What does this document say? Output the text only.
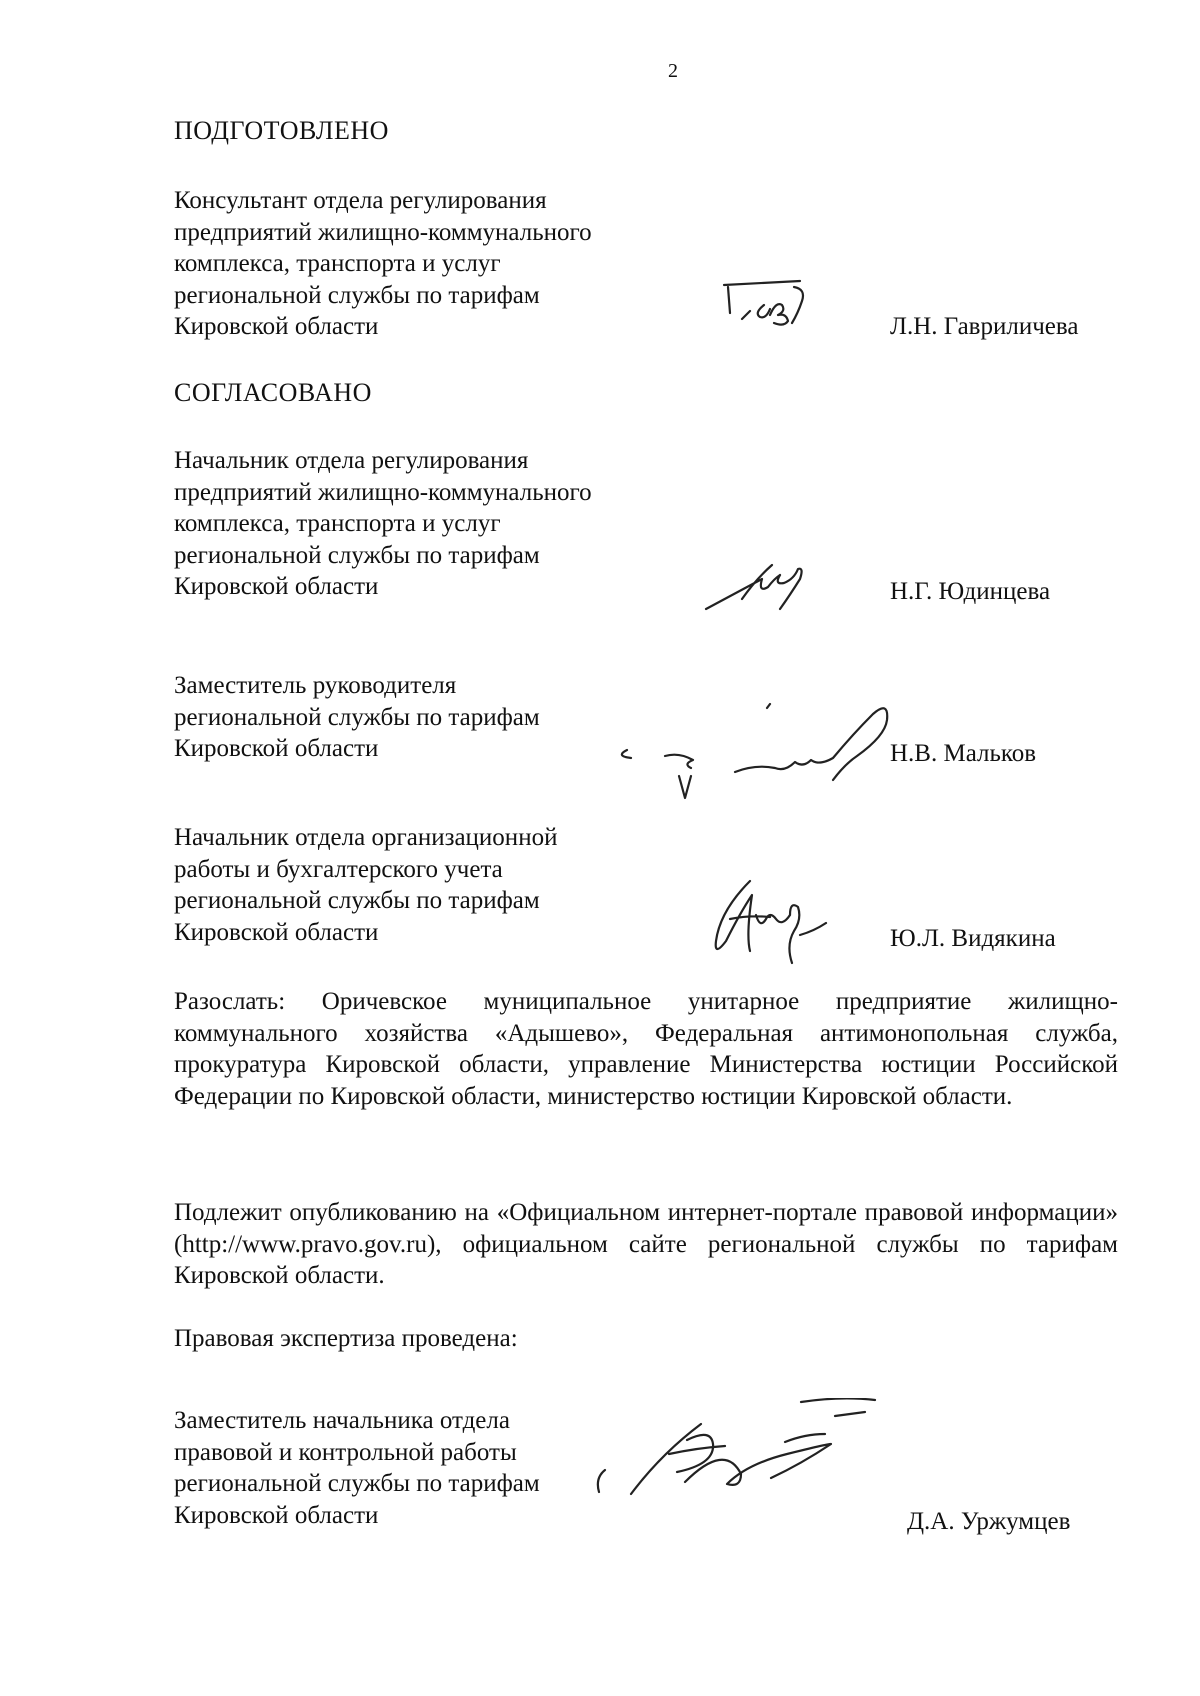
2
ПОДГОТОВЛЕНО
Консультант отдела регулирования
предприятий жилищно-коммунального
комплекса, транспорта и услуг
региональной службы по тарифам
Кировской области	Л.Н. Гавриличева
СОГЛАСОВАНО
Начальник отдела регулирования
предприятий жилищно-коммунального
комплекса, транспорта и услуг
региональной службы по тарифам
Кировской области	Н.Г. Юдинцева
Заместитель руководителя
региональной службы по тарифам
Кировской области	Н.В. Мальков
Начальник отдела организационной
работы и бухгалтерского учета
региональной службы по тарифам
Кировской области	Ю.Л. Видякина
Разослать: Оричевское муниципальное унитарное предприятие жилищно-коммунального хозяйства «Адышево», Федеральная антимонопольная служба, прокуратура Кировской области, управление Министерства юстиции Российской Федерации по Кировской области, министерство юстиции Кировской области.
Подлежит опубликованию на «Официальном интернет-портале правовой информации» (http://www.pravo.gov.ru), официальном сайте региональной службы по тарифам Кировской области.
Правовая экспертиза проведена:
Заместитель начальника отдела
правовой и контрольной работы
региональной службы по тарифам
Кировской области	Д.А. Уржумцев
